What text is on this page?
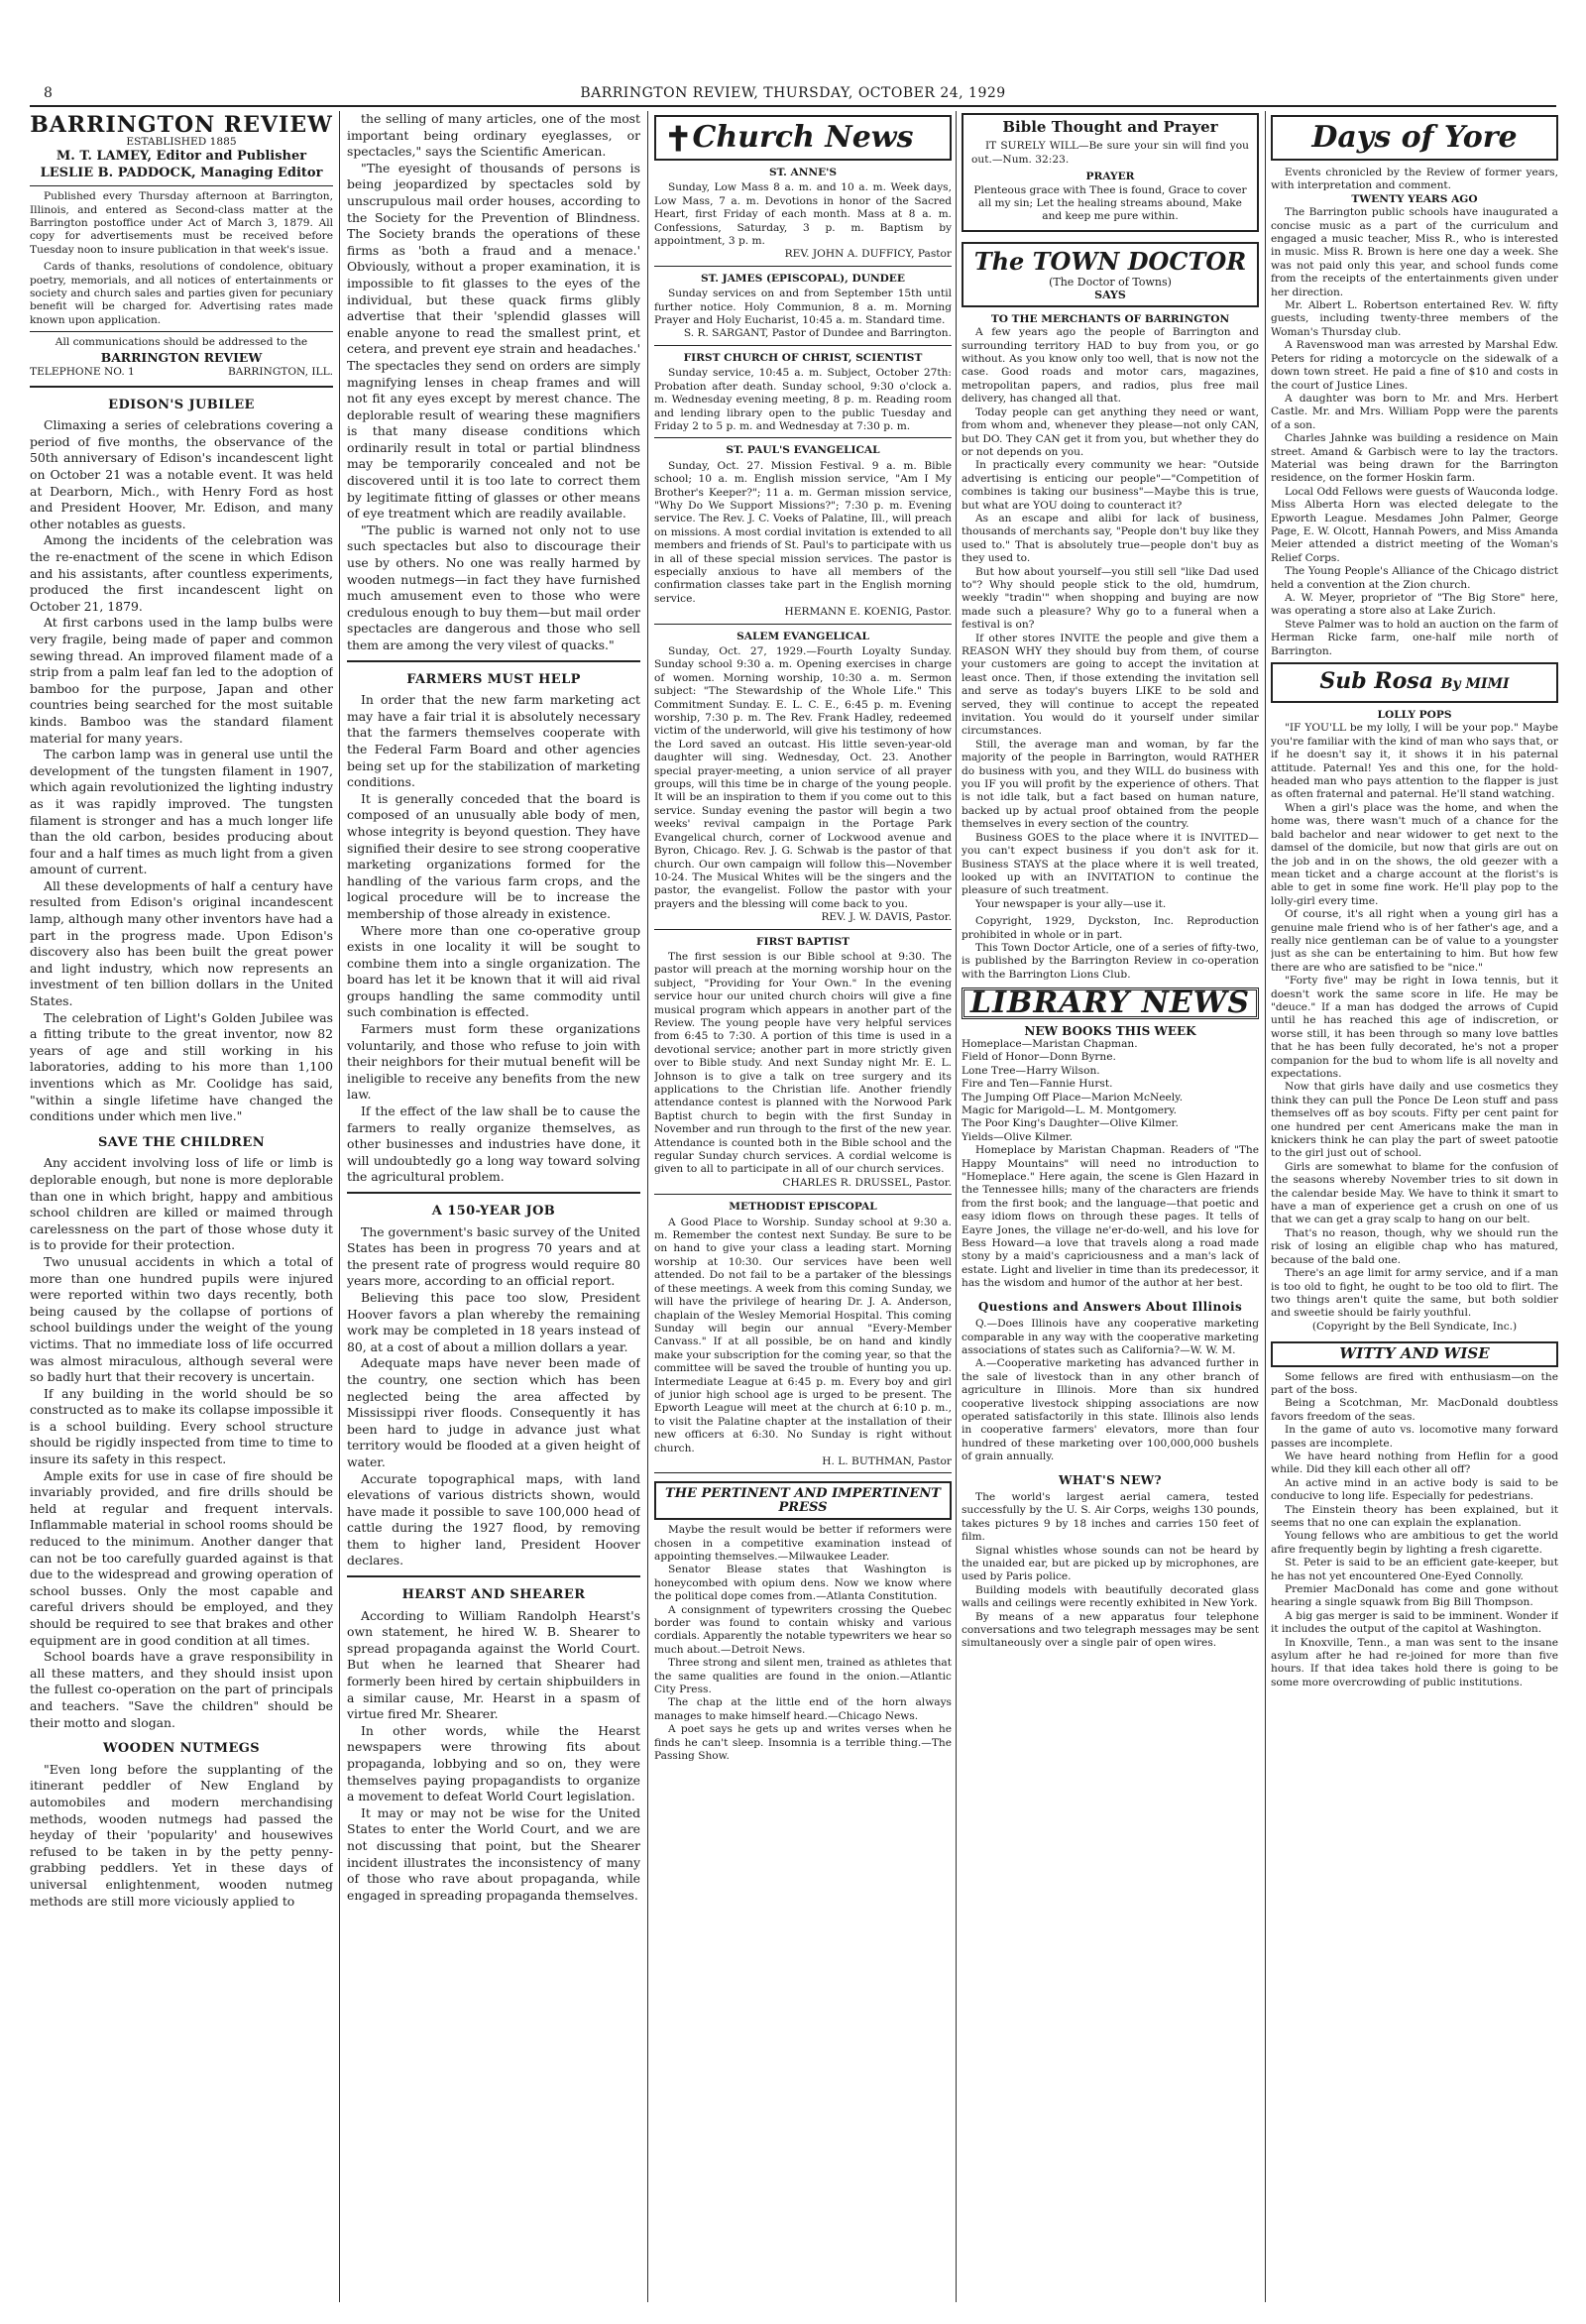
8	BARRINGTON REVIEW, THURSDAY, OCTOBER 24, 1929
BARRINGTON REVIEW
ESTABLISHED 1885
M. T. LAMEY, Editor and Publisher
LESLIE B. PADDOCK, Managing Editor

Published every Thursday afternoon at Barrington, Illinois, and entered as Second-class matter at the Barrington postoffice under Act of March 3, 1879. All copy for advertisements must be received before Tuesday noon to insure publication in that week's issue.

Cards of thanks, resolutions of condolence, obituary poetry, memorials, and all notices of entertainments or society and church sales and parties given for pecuniary benefit will be charged for. Advertising rates made known upon application.

All communications should be addressed to the
BARRINGTON REVIEW
TELEPHONE NO. 1	BARRINGTON, ILL.
EDISON'S JUBILEE

Climaxing a series of celebrations covering a period of five months, the observance of the 50th anniversary of Edison's incandescent light on October 21 was a notable event. It was held at Dearborn, Mich., with Henry Ford as host and President Hoover, Mr. Edison, and many other notables as guests.

Among the incidents of the celebration was the re-enactment of the scene in which Edison and his assistants, after countless experiments, produced the first incandescent light on October 21, 1879.

At first carbons used in the lamp bulbs were very fragile, being made of paper and common sewing thread. An improved filament made of a strip from a palm leaf fan led to the adoption of bamboo for the purpose, Japan and other countries being searched for the most suitable kinds. Bamboo was the standard filament material for many years.

The carbon lamp was in general use until the development of the tungsten filament in 1907, which again revolutionized the lighting industry as it was rapidly improved. The tungsten filament is stronger and has a much longer life than the old carbon, besides producing about four and a half times as much light from a given amount of current.

All these developments of half a century have resulted from Edison's original incandescent lamp, although many other inventors have had a part in the progress made. Upon Edison's discovery also has been built the great power and light industry, which now represents an investment of ten billion dollars in the United States.

The celebration of Light's Golden Jubilee was a fitting tribute to the great inventor, now 82 years of age and still working in his laboratories, adding to his more than 1,100 inventions which as Mr. Coolidge has said, "within a single lifetime have changed the conditions under which men live."

SAVE THE CHILDREN

Any accident involving loss of life or limb is deplorable enough, but none is more deplorable than one in which bright, happy and ambitious school children are killed or maimed through carelessness on the part of those whose duty it is to provide for their protection.

Two unusual accidents in which a total of more than one hundred pupils were injured were reported within two days recently, both being caused by the collapse of portions of school buildings under the weight of the young victims. That no immediate loss of life occurred was almost miraculous, although several were so badly hurt that their recovery is uncertain.

If any building in the world should be so constructed as to make its collapse impossible it is a school building. Every school structure should be rigidly inspected from time to time to insure its safety in this respect.

Ample exits for use in case of fire should be invariably provided, and fire drills should be held at regular and frequent intervals. Inflammable material in school rooms should be reduced to the minimum. Another danger that can not be too carefully guarded against is that due to the widespread and growing operation of school busses. Only the most capable and careful drivers should be employed, and they should be required to see that brakes and other equipment are in good condition at all times.

School boards have a grave responsibility in all these matters, and they should insist upon the fullest co-operation on the part of principals and teachers. "Save the children" should be their motto and slogan.

WOODEN NUTMEGS

"Even long before the supplanting of the itinerant peddler of New England by automobiles and modern merchandising methods, wooden nutmegs had passed the heyday of their 'popularity' and housewives refused to be taken in by the petty penny-grabbing peddlers. Yet in these days of universal enlightenment, wooden nutmeg methods are still more viciously applied to

the selling of many articles, one of the most important being ordinary eyeglasses, or spectacles," says the Scientific American.

"The eyesight of thousands of persons is being jeopardized by spectacles sold by unscrupulous mail order houses, according to the Society for the Prevention of Blindness. The Society brands the operations of these firms as 'both a fraud and a menace.' Obviously, without a proper examination, it is impossible to fit glasses to the eyes of the individual, but these quack firms glibly advertise that their 'splendid glasses will enable anyone to read the smallest print, et cetera, and prevent eye strain and headaches.' The spectacles they send on orders are simply magnifying lenses in cheap frames and will not fit any eyes except by merest chance. The deplorable result of wearing these magnifiers is that many disease conditions which ordinarily result in total or partial blindness may be temporarily concealed and not be discovered until it is too late to correct them by legitimate fitting of glasses or other means of eye treatment which are readily available.

"The public is warned not only not to use such spectacles but also to discourage their use by others. No one was really harmed by wooden nutmegs—in fact they have furnished much amusement even to those who were credulous enough to buy them—but mail order spectacles are dangerous and those who sell them are among the very vilest of quacks."

FARMERS MUST HELP

In order that the new farm marketing act may have a fair trial it is absolutely necessary that the farmers themselves cooperate with the Federal Farm Board and other agencies being set up for the stabilization of marketing conditions.

It is generally conceded that the board is composed of an unusually able body of men, whose integrity is beyond question. They have signified their desire to see strong cooperative marketing organizations formed for the handling of the various farm crops, and the logical procedure will be to increase the membership of those already in existence.

Where more than one co-operative group exists in one locality it will be sought to combine them into a single organization. The board has let it be known that it will aid rival groups handling the same commodity until such combination is effected.

Farmers must form these organizations voluntarily, and those who refuse to join with their neighbors for their mutual benefit will be ineligible to receive any benefits from the new law.

If the effect of the law shall be to cause the farmers to really organize themselves, as other businesses and industries have done, it will undoubtedly go a long way toward solving the agricultural problem.

A 150-YEAR JOB

The government's basic survey of the United States has been in progress 70 years and at the present rate of progress would require 80 years more, according to an official report.

Believing this pace too slow, President Hoover favors a plan whereby the remaining work may be completed in 18 years instead of 80, at a cost of about a million dollars a year.

Adequate maps have never been made of the country, one section which has been neglected being the area affected by Mississippi river floods. Consequently it has been hard to judge in advance just what territory would be flooded at a given height of water.

Accurate topographical maps, with land elevations of various districts shown, would have made it possible to save 100,000 head of cattle during the 1927 flood, by removing them to higher land, President Hoover declares.

HEARST AND SHEARER

According to William Randolph Hearst's own statement, he hired W. B. Shearer to spread propaganda against the World Court. But when he learned that Shearer had formerly been hired by certain shipbuilders in a similar cause, Mr. Hearst in a spasm of virtue fired Mr. Shearer.

In other words, while the Hearst newspapers were throwing fits about propaganda, lobbying and so on, they were themselves paying propagandists to organize a movement to defeat World Court legislation.

It may or may not be wise for the United States to enter the World Court, and we are not discussing that point, but the Shearer incident illustrates the inconsistency of many of those who rave about propaganda, while engaged in spreading propaganda themselves.

✝ Church News
ST. ANNE'S

Sunday, Low Mass 8 a. m. and 10 a. m. Week days, Low Mass, 7 a. m. Devotions in honor of the Sacred Heart, first Friday of each month. Mass at 8 a. m. Confessions, Saturday, 3 p. m. Baptism by appointment, 3 p. m.

REV. JOHN A. DUFFICY, Pastor

ST. JAMES (EPISCOPAL), DUNDEE

Sunday services on and from September 15th until further notice. Holy Communion, 8 a. m. Morning Prayer and Holy Eucharist, 10:45 a. m. Standard time.

S. R. SARGANT, Pastor of Dundee and Barrington.

FIRST CHURCH OF CHRIST, SCIENTIST

Sunday service, 10:45 a. m. Subject, October 27th: Probation after death. Sunday school, 9:30 o'clock a. m. Wednesday evening meeting, 8 p. m. Reading room and lending library open to the public Tuesday and Friday 2 to 5 p. m. and Wednesday at 7:30 p. m.

ST. PAUL'S EVANGELICAL

Sunday, Oct. 27. Mission Festival. 9 a. m. Bible school; 10 a. m. English mission service, "Am I My Brother's Keeper?"; 11 a. m. German mission service, "Why Do We Support Missions?"; 7:30 p. m. Evening service. The Rev. J. C. Voeks of Palatine, Ill., will preach on missions. A most cordial invitation is extended to all members and friends of St. Paul's to participate with us in all of these special mission services. The pastor is especially anxious to have all members of the confirmation classes take part in the English morning service.

HERMANN E. KOENIG, Pastor.

SALEM EVANGELICAL

Sunday, Oct. 27, 1929.—Fourth Loyalty Sunday. Sunday school 9:30 a. m. Opening exercises in charge of women. Morning worship, 10:30 a. m. Sermon subject: "The Stewardship of the Whole Life." This Commitment Sunday. E. L. C. E., 6:45 p. m. Evening worship, 7:30 p. m. The Rev. Frank Hadley, redeemed victim of the underworld, will give his testimony of how the Lord saved an outcast. His little seven-year-old daughter will sing. Wednesday, Oct. 23. Another special prayer-meeting, a union service of all prayer groups, will this time be in charge of the young people. It will be an inspiration to them if you come out to this service. Sunday evening the pastor will begin a two weeks' revival campaign in the Portage Park Evangelical church, corner of Lockwood avenue and Byron, Chicago. Rev. J. G. Schwab is the pastor of that church. Our own campaign will follow this—November 10-24. The Musical Whites will be the singers and the pastor, the evangelist. Follow the pastor with your prayers and the blessing will come back to you.

REV. J. W. DAVIS, Pastor.

FIRST BAPTIST

The first session is our Bible school at 9:30. The pastor will preach at the morning worship hour on the subject, "Providing for Your Own." In the evening service hour our united church choirs will give a fine musical program which appears in another part of the Review. The young people have very helpful services from 6:45 to 7:30. A portion of this time is used in a devotional service; another part in more strictly given over to Bible study. And next Sunday night Mr. E. L. Johnson is to give a talk on tree surgery and its applications to the Christian life. Another friendly attendance contest is planned with the Norwood Park Baptist church to begin with the first Sunday in November and run through to the first of the new year. Attendance is counted both in the Bible school and the regular Sunday church services. A cordial welcome is given to all to participate in all of our church services.

CHARLES R. DRUSSEL, Pastor.

METHODIST EPISCOPAL

A Good Place to Worship. Sunday school at 9:30 a. m. Remember the contest next Sunday. Be sure to be on hand to give your class a leading start. Morning worship at 10:30. Our services have been well attended. Do not fail to be a partaker of the blessings of these meetings. A week from this coming Sunday, we will have the privilege of hearing Dr. J. A. Anderson, chaplain of the Wesley Memorial Hospital. This coming Sunday will begin our annual "Every-Member Canvass." If at all possible, be on hand and kindly make your subscription for the coming year, so that the committee will be saved the trouble of hunting you up. Intermediate League at 6:45 p. m. Every boy and girl of junior high school age is urged to be present. The Epworth League will meet at the church at 6:10 p. m., to visit the Palatine chapter at the installation of their new officers at 6:30. No Sunday is right without church.

H. L. BUTHMAN, Pastor

THE PERTINENT AND IMPERTINENT PRESS

Maybe the result would be better if reformers were chosen in a competitive examination instead of appointing themselves.—Milwaukee Leader.

Senator Blease states that Washington is honeycombed with opium dens. Now we know where the political dope comes from.—Atlanta Constitution.

A consignment of typewriters crossing the Quebec border was found to contain whisky and various cordials. Apparently the notable typewriters we hear so much about.—Detroit News.

Three strong and silent men, trained as athletes that the same qualities are found in the onion.—Atlantic City Press.

The chap at the little end of the horn always manages to make himself heard.—Chicago News.

A poet says he gets up and writes verses when he finds he can't sleep. Insomnia is a terrible thing.—The Passing Show.

Bible Thought and Prayer

IT SURELY WILL—Be sure your sin will find you out.—Num. 32:23.

PRAYER

Plenteous grace with Thee is found, Grace to cover all my sin; Let the healing streams abound, Make and keep me pure within.

The TOWN DOCTOR
(The Doctor of Towns)
SAYS
TO THE MERCHANTS OF BARRINGTON

A few years ago the people of Barrington and surrounding territory HAD to buy from you, or go without. As you know only too well, that is now not the case. Good roads and motor cars, magazines, metropolitan papers, and radios, plus free mail delivery, has changed all that.

Today people can get anything they need or want, from whom and, whenever they please—not only CAN, but DO. They CAN get it from you, but whether they do or not depends on you.

In practically every community we hear: "Outside advertising is enticing our people"—"Competition of combines is taking our business"—Maybe this is true, but what are YOU doing to counteract it?

As an escape and alibi for lack of business, thousands of merchants say, "People don't buy like they used to." That is absolutely true—people don't buy as they used to.

But how about yourself—you still sell "like Dad used to"? Why should people stick to the old, humdrum, weekly "tradin'" when shopping and buying are now made such a pleasure? Why go to a funeral when a festival is on?

If other stores INVITE the people and give them a REASON WHY they should buy from them, of course your customers are going to accept the invitation at least once. Then, if those extending the invitation sell and serve as today's buyers LIKE to be sold and served, they will continue to accept the repeated invitation. You would do it yourself under similar circumstances.

Still, the average man and woman, by far the majority of the people in Barrington, would RATHER do business with you, and they WILL do business with you IF you will profit by the experience of others. That is not idle talk, but a fact based on human nature, backed up by actual proof obtained from the people themselves in every section of the country.

Business GOES to the place where it is INVITED—you can't expect business if you don't ask for it. Business STAYS at the place where it is well treated, looked up with an INVITATION to continue the pleasure of such treatment.

Your newspaper is your ally—use it.

Copyright, 1929, Dyckston, Inc. Reproduction prohibited in whole or in part.

This Town Doctor Article, one of a series of fifty-two, is published by the Barrington Review in co-operation with the Barrington Lions Club.

LIBRARY NEWS
NEW BOOKS THIS WEEK

Homeplace—Maristan Chapman.

Field of Honor—Donn Byrne.

Lone Tree—Harry Wilson.

Fire and Ten—Fannie Hurst.

The Jumping Off Place—Marion McNeely.

Magic for Marigold—L. M. Montgomery.

The Poor King's Daughter—Olive Kilmer.

Yields—Olive Kilmer.

Homeplace by Maristan Chapman. Readers of "The Happy Mountains" will need no introduction to "Homeplace." Here again, the scene is Glen Hazard in the Tennessee hills; many of the characters are friends from the first book; and the language—that poetic and easy idiom flows on through these pages. It tells of Eayre Jones, the village ne'er-do-well, and his love for Bess Howard—a love that travels along a road made stony by a maid's capriciousness and a man's lack of estate. Light and livelier in time than its predecessor, it has the wisdom and humor of the author at her best.

Questions and Answers About Illinois

Q.—Does Illinois have any cooperative marketing comparable in any way with the cooperative marketing associations of states such as California?—W. W. M.

A.—Cooperative marketing has advanced further in the sale of livestock than in any other branch of agriculture in Illinois. More than six hundred cooperative livestock shipping associations are now operated satisfactorily in this state. Illinois also lends in cooperative farmers' elevators, more than four hundred of these marketing over 100,000,000 bushels of grain annually.

WHAT'S NEW?

The world's largest aerial camera, tested successfully by the U. S. Air Corps, weighs 130 pounds, takes pictures 9 by 18 inches and carries 150 feet of film.

Signal whistles whose sounds can not be heard by the unaided ear, but are picked up by microphones, are used by Paris police.

Building models with beautifully decorated glass walls and ceilings were recently exhibited in New York.

By means of a new apparatus four telephone conversations and two telegraph messages may be sent simultaneously over a single pair of open wires.

Days of Yore

Events chronicled by the Review of former years, with interpretation and comment.

TWENTY YEARS AGO

The Barrington public schools have inaugurated a concise music as a part of the curriculum and engaged a music teacher, Miss R., who is interested in music. Miss R. Brown is here one day a week. She was not paid only this year, and school funds come from the receipts of the entertainments given under her direction.

Mr. Albert L. Robertson entertained Rev. W. fifty guests, including twenty-three members of the Woman's Thursday club.

A Ravenswood man was arrested by Marshal Edw. Peters for riding a motorcycle on the sidewalk of a down town street. He paid a fine of $10 and costs in the court of Justice Lines.

A daughter was born to Mr. and Mrs. Herbert Castle. Mr. and Mrs. William Popp were the parents of a son.

Charles Jahnke was building a residence on Main street. Amand & Garbisch were to lay the tractors. Material was being drawn for the Barrington residence, on the former Hoskin farm.

Local Odd Fellows were guests of Wauconda lodge. Miss Alberta Horn was elected delegate to the Epworth League. Mesdames John Palmer, George Page, E. W. Olcott, Hannah Powers, and Miss Amanda Meier attended a district meeting of the Woman's Relief Corps.

The Young People's Alliance of the Chicago district held a convention at the Zion church.

A. W. Meyer, proprietor of "The Big Store" here, was operating a store also at Lake Zurich.

Steve Palmer was to hold an auction on the farm of Herman Ricke farm, one-half mile north of Barrington.

Sub Rosa By MIMI
LOLLY POPS

"IF YOU'LL be my lolly, I will be your pop." Maybe you're familiar with the kind of man who says that, or if he doesn't say it, it shows it in his paternal attitude. Paternal! Yes and this one, for the hold-headed man who pays attention to the flapper is just as often fraternal and paternal. He'll stand watching.

When a girl's place was the home, and when the home was, there wasn't much of a chance for the bald bachelor and near widower to get next to the damsel of the domicile, but now that girls are out on the job and in on the shows, the old geezer with a mean ticket and a charge account at the florist's is able to get in some fine work. He'll play pop to the lolly-girl every time.

Of course, it's all right when a young girl has a genuine male friend who is of her father's age, and a really nice gentleman can be of value to a youngster just as she can be entertaining to him. But how few there are who are satisfied to be "nice."

"Forty five" may be right in Iowa tennis, but it doesn't work the same score in life. He may be "deuce." If a man has dodged the arrows of Cupid until he has reached this age of indiscretion, or worse still, it has been through so many love battles that he has been fully decorated, he's not a proper companion for the bud to whom life is all novelty and expectations.

Now that girls have daily and use cosmetics they think they can pull the Ponce De Leon stuff and pass themselves off as boy scouts. Fifty per cent paint for one hundred per cent Americans make the man in knickers think he can play the part of sweet patootie to the girl just out of school.

Girls are somewhat to blame for the confusion of the seasons whereby November tries to sit down in the calendar beside May. We have to think it smart to have a man of experience get a crush on one of us that we can get a gray scalp to hang on our belt.

That's no reason, though, why we should run the risk of losing an eligible chap who has matured, because of the bald one.

There's an age limit for army service, and if a man is too old to fight, he ought to be too old to flirt. The two things aren't quite the same, but both soldier and sweetie should be fairly youthful.

(Copyright by the Bell Syndicate, Inc.)
WITTY AND WISE

Some fellows are fired with enthusiasm—on the part of the boss.

Being a Scotchman, Mr. MacDonald doubtless favors freedom of the seas.

In the game of auto vs. locomotive many forward passes are incomplete.

We have heard nothing from Heflin for a good while. Did they kill each other all off?

An active mind in an active body is said to be conducive to long life. Especially for pedestrians.

The Einstein theory has been explained, but it seems that no one can explain the explanation.

Young fellows who are ambitious to get the world afire frequently begin by lighting a fresh cigarette.

St. Peter is said to be an efficient gate-keeper, but he has not yet encountered One-Eyed Connolly.

Premier MacDonald has come and gone without hearing a single squawk from Big Bill Thompson.

A big gas merger is said to be imminent. Wonder if it includes the output of the capitol at Washington.

In Knoxville, Tenn., a man was sent to the insane asylum after he had re-joined for more than five hours. If that idea takes hold there is going to be some more overcrowding of public institutions.
